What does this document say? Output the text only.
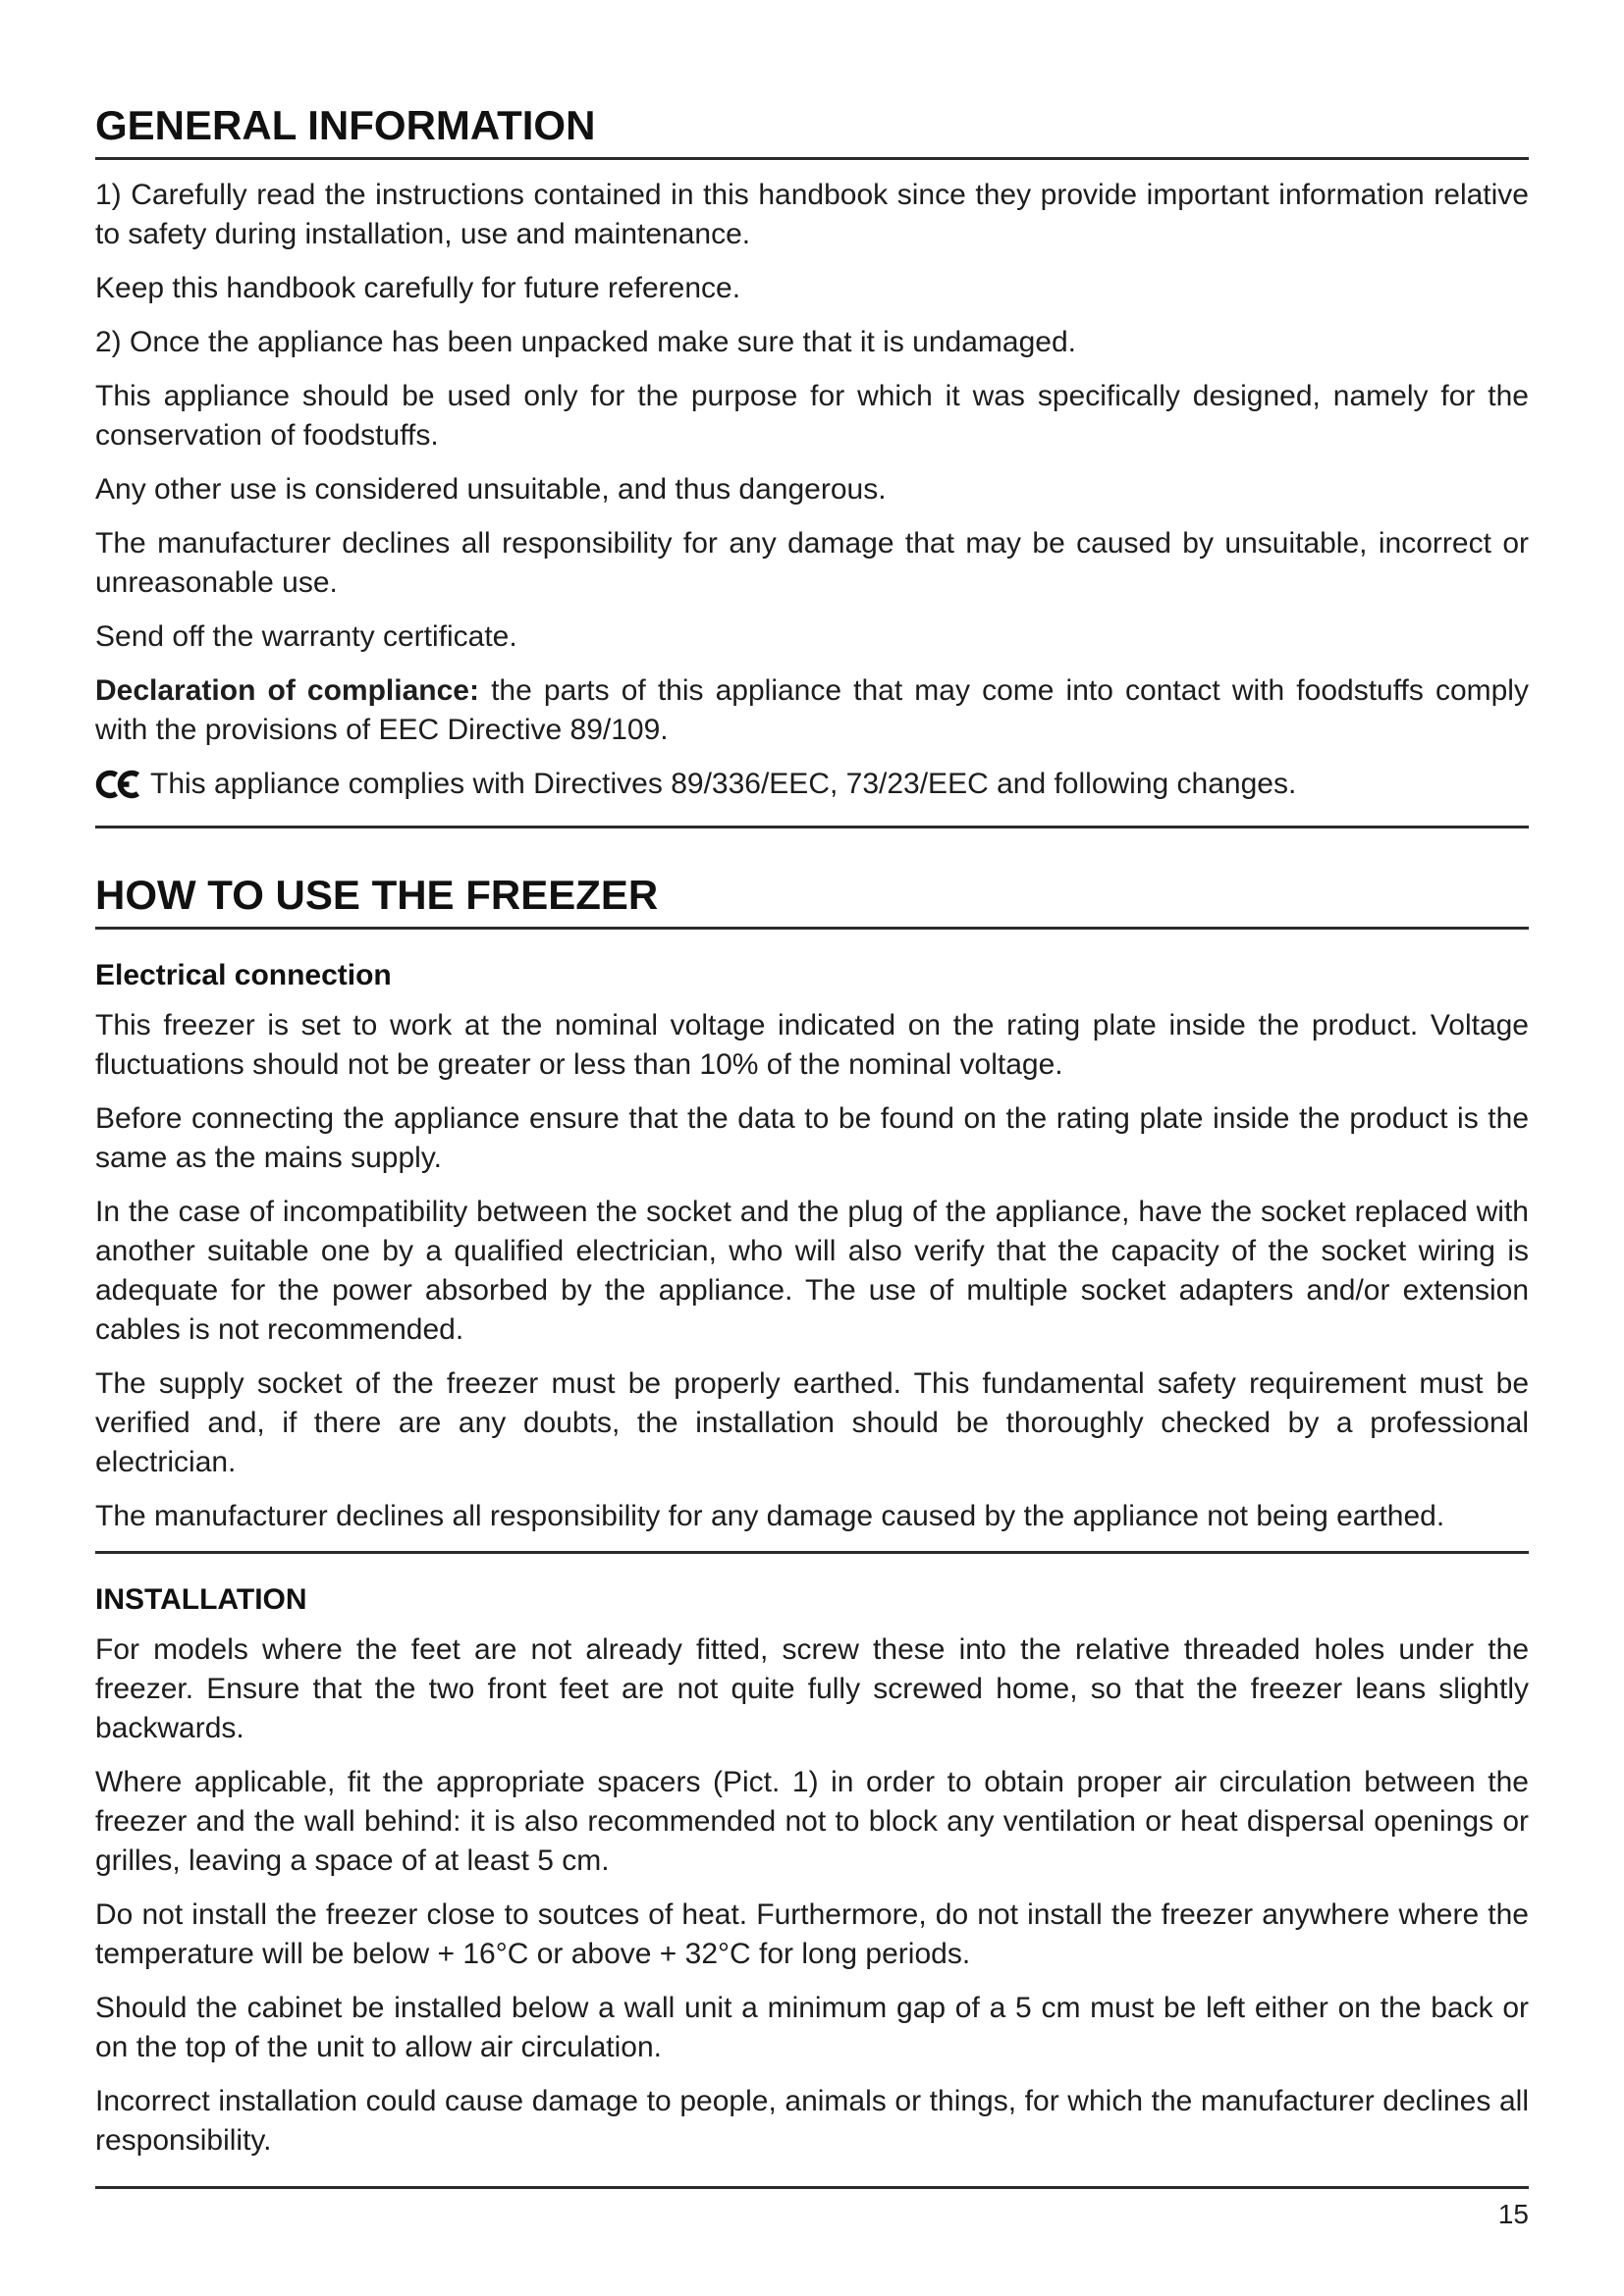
GENERAL INFORMATION

1) Carefully read the instructions contained in this handbook since they provide important information relative to safety during installation, use and maintenance.

Keep this handbook carefully for future reference.

2) Once the appliance has been unpacked make sure that it is undamaged.

This appliance should be used only for the purpose for which it was specifically designed, namely for the conservation of foodstuffs.

Any other use is considered unsuitable, and thus dangerous.

The manufacturer declines all responsibility for any damage that may be caused by unsuitable, incorrect or unreasonable use.

Send off the warranty certificate.

Declaration of compliance: the parts of this appliance that may come into contact with foodstuffs comply with the provisions of EEC Directive 89/109.

This appliance complies with Directives 89/336/EEC, 73/23/EEC and following changes.

HOW TO USE THE FREEZER
Electrical connection

This freezer is set to work at the nominal voltage indicated on the rating plate inside the product. Voltage fluctuations should not be greater or less than 10% of the nominal voltage.

Before connecting the appliance ensure that the data to be found on the rating plate inside the product is the same as the mains supply.

In the case of incompatibility between the socket and the plug of the appliance, have the socket replaced with another suitable one by a qualified electrician, who will also verify that the capacity of the socket wiring is adequate for the power absorbed by the appliance. The use of multiple socket adapters and/or extension cables is not recommended.

The supply socket of the freezer must be properly earthed. This fundamental safety requirement must be verified and, if there are any doubts, the installation should be thoroughly checked by a professional electrician.

The manufacturer declines all responsibility for any damage caused by the appliance not being earthed.

INSTALLATION

For models where the feet are not already fitted, screw these into the relative threaded holes under the freezer. Ensure that the two front feet are not quite fully screwed home, so that the freezer leans slightly backwards.

Where applicable, fit the appropriate spacers (Pict. 1) in order to obtain proper air circulation between the freezer and the wall behind: it is also recommended not to block any ventilation or heat dispersal openings or grilles, leaving a space of at least 5 cm.

Do not install the freezer close to soutces of heat. Furthermore, do not install the freezer anywhere where the temperature will be below + 16°C or above + 32°C for long periods.

Should the cabinet be installed below a wall unit a minimum gap of a 5 cm must be left either on the back or on the top of the unit to allow air circulation.

Incorrect installation could cause damage to people, animals or things, for which the manufacturer declines all responsibility.

15
